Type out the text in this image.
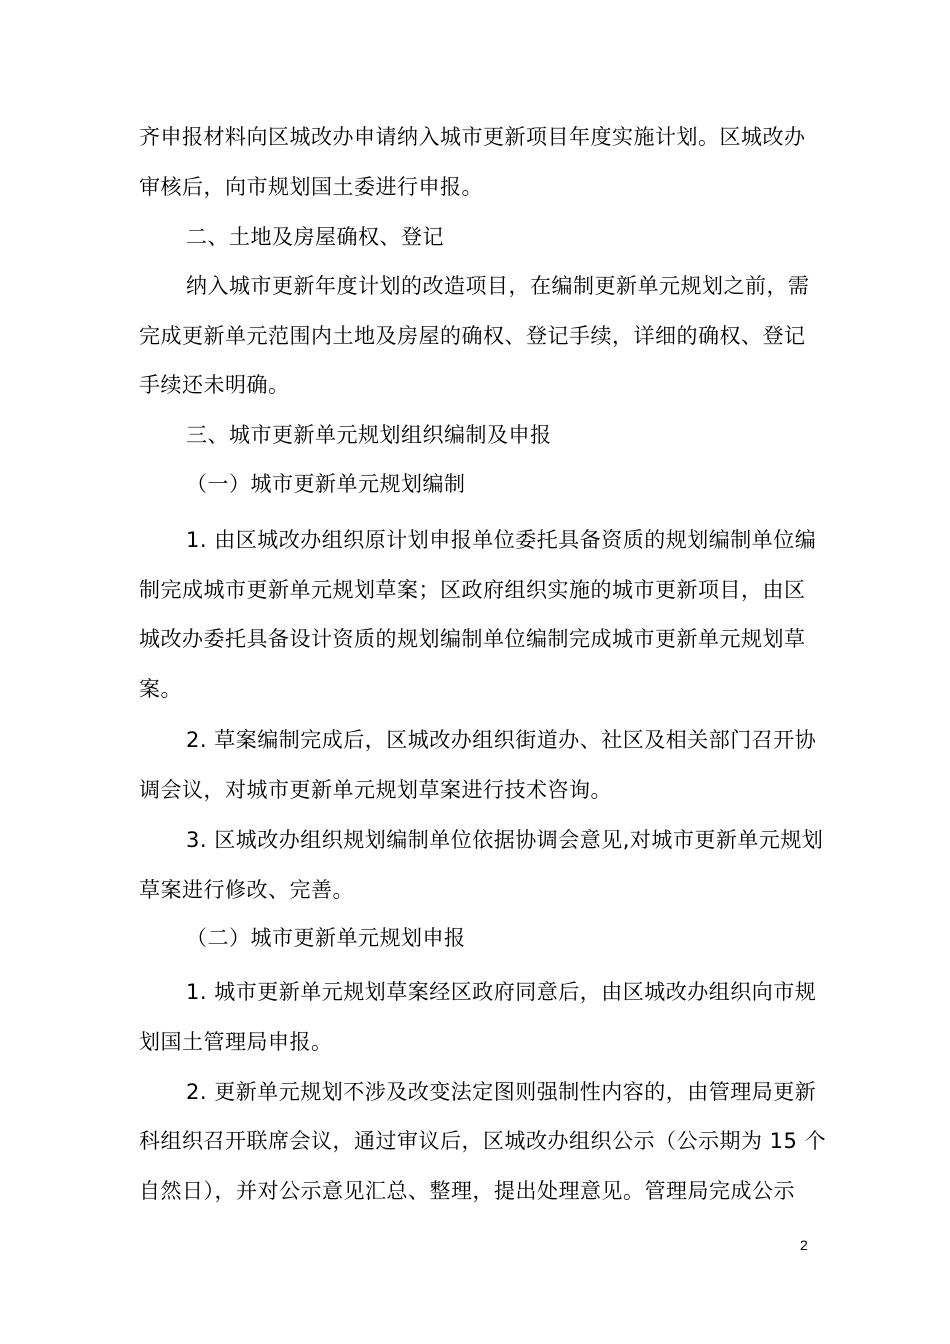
齐申报材料向区城改办申请纳入城市更新项目年度实施计划。区城改办
审核后，向市规划国土委进行申报。
二、土地及房屋确权、登记
纳入城市更新年度计划的改造项目，在编制更新单元规划之前，需
完成更新单元范围内土地及房屋的确权、登记手续，详细的确权、登记
手续还未明确。
三、城市更新单元规划组织编制及申报
（一）城市更新单元规划编制
1. 由区城改办组织原计划申报单位委托具备资质的规划编制单位编
制完成城市更新单元规划草案；区政府组织实施的城市更新项目，由区
城改办委托具备设计资质的规划编制单位编制完成城市更新单元规划草
案。
2. 草案编制完成后，区城改办组织街道办、社区及相关部门召开协
调会议，对城市更新单元规划草案进行技术咨询。
3. 区城改办组织规划编制单位依据协调会意见,对城市更新单元规划
草案进行修改、完善。
（二）城市更新单元规划申报
1. 城市更新单元规划草案经区政府同意后，由区城改办组织向市规
划国土管理局申报。
2. 更新单元规划不涉及改变法定图则强制性内容的，由管理局更新
科组织召开联席会议，通过审议后，区城改办组织公示（公示期为 15 个
自然日），并对公示意见汇总、整理，提出处理意见。管理局完成公示
2
